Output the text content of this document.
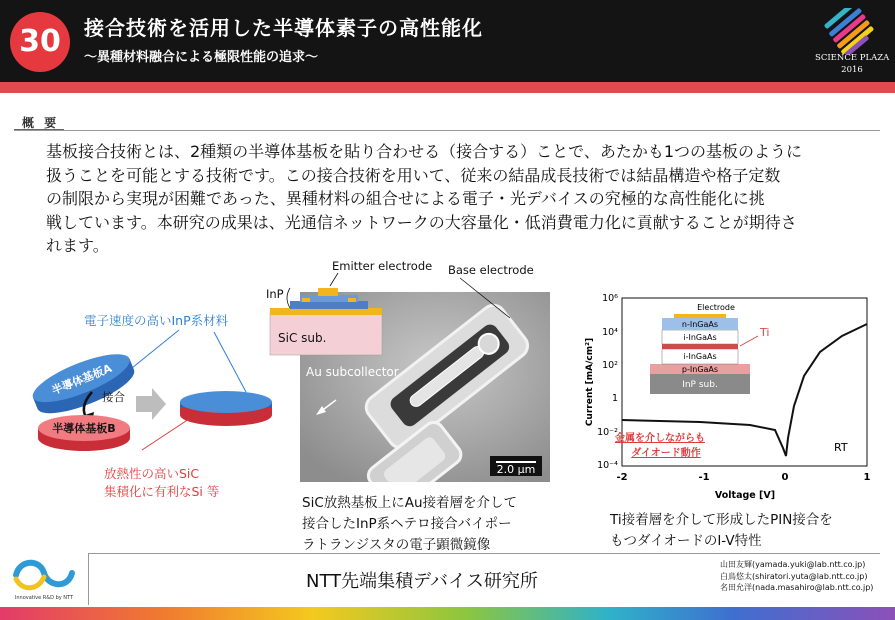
30	接合技術を活用した半導体素子の高性能化
～異種材料融合による極限性能の追求～	SCIENCE PLAZA
2016
概 要
基板接合技術とは、2種類の半導体基板を貼り合わせる（接合する）ことで、あたかも1つの基板のように
扱うことを可能とする技術です。この接合技術を用いて、従来の結晶成長技術では結晶構造や格子定数
の制限から実現が困難であった、異種材料の組合せによる電子・光デバイスの究極的な高性能化に挑
戦しています。本研究の成果は、光通信ネットワークの大容量化・低消費電力化に貢献することが期待さ
れます。
電子速度の高いInP系材料
半導体基板A
接合
半導体基板B
放熱性の高いSiC
集積化に有利なSi 等
2.0 μm
Au subcollector
Emitter electrode Base electrode
InP
SiC sub.
SiC放熱基板上にAu接着層を介して
接合したInP系ヘテロ接合バイポー
ラトランジスタの電子顕微鏡像
10⁶
10⁴
10²
1
10⁻²
10⁻⁴
-2	-1	0	1
Voltage [V]
Current [mA/cm²]
Electrode
n-InGaAs
i-InGaAs
i-InGaAs
p-InGaAs
InP sub.
Ti
金属を介しながらも
ダイオード動作	RT
Ti接着層を介して形成したPIN接合を
もつダイオードのI-V特性
Innovative R&D by NTT
NTT先端集積デバイス研究所
山田友輝(yamada.yuki@lab.ntt.co.jp)
白鳥悠太(shiratori.yuta@lab.ntt.co.jp)
名田允洋(nada.masahiro@lab.ntt.co.jp)
